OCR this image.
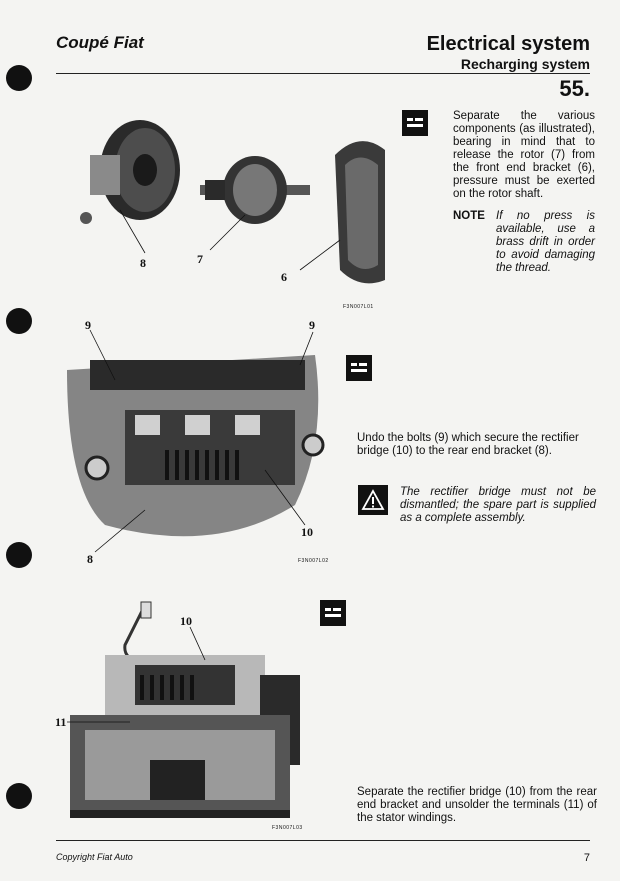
Coupé Fiat	Electrical system
Recharging system
55.
8	7
6
F3N007L01
Separate the various components (as illustrated), bearing in mind that to release the rotor (7) from the front end bracket (6), pressure must be exerted on the rotor shaft.
NOTE If no press is available, use a brass drift in order to avoid damaging the thread.
9	9
10
8	F3N007L02
Undo the bolts (9) which secure the rectifier bridge (10) to the rear end bracket (8).
The rectifier bridge must not be dismantled; the spare part is supplied as a complete assembly.
10
11
F3N007L03
Separate the rectifier bridge (10) from the rear end bracket and unsolder the terminals (11) of the stator windings.
Copyright Fiat Auto	7
